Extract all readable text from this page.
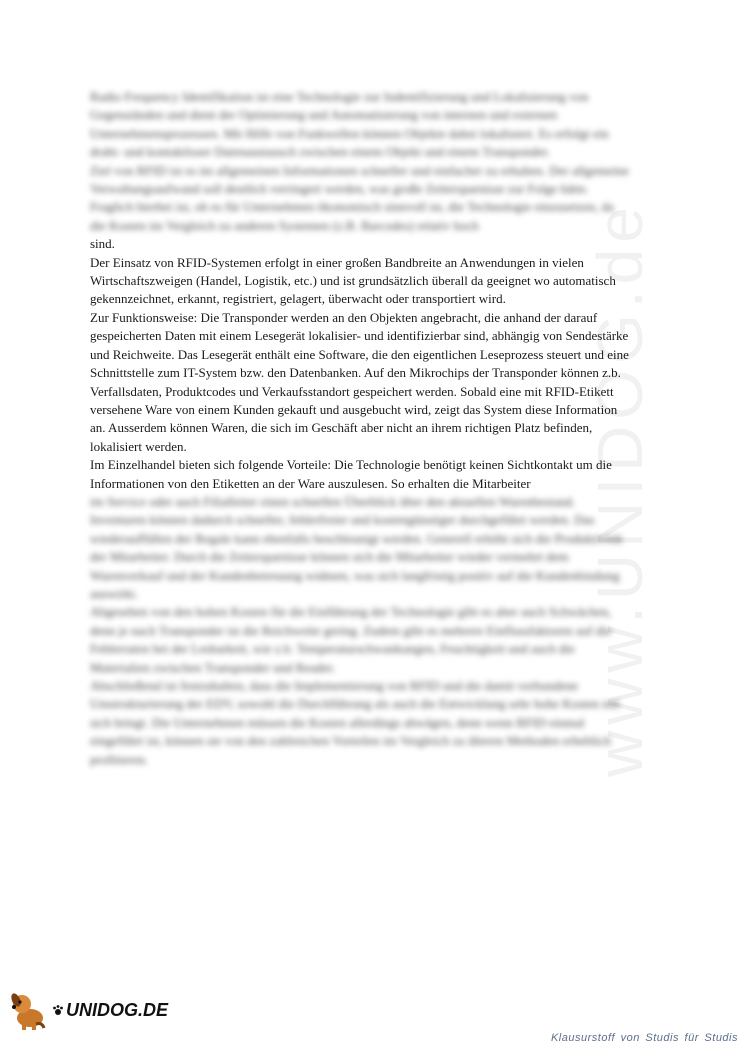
www.UNIDOG.de

Radio Frequency Identifikation ist eine Technologie zur Indentifizierung und Lokalisierung von Gegenständen und dient der Optimierung und Automatisierung von internen und externen Unternehmensprozessen. Mit Hilfe von Funkwellen können Objekte dabei lokalisiert. Es erfolgt ein draht- und kontaktloser Datenaustausch zwischen einem Objekt und einem Transponder.

Ziel von RFID ist es im allgemeinen Informationen schneller und einfacher zu erhalten. Der allgemeine Verwaltungsaufwand soll deutlich verringert werden, was große Zeitersparnisse zur Folge hätte.

Fraglich hierbei ist, ob es für Unternehmen ökonomisch sinnvoll ist, die Technologie einzusetzen, da die Kosten im Vergleich zu anderen Systemen (z.B. Barcodes) relativ hoch

sind.

Der Einsatz von RFID-Systemen erfolgt in einer großen Bandbreite an Anwendungen in vielen Wirtschaftszweigen (Handel, Logistik, etc.) und ist grundsätzlich überall da geeignet wo automatisch gekennzeichnet, erkannt, registriert, gelagert, überwacht oder transportiert wird.

Zur Funktionsweise: Die Transponder werden an den Objekten angebracht, die anhand der darauf gespeicherten Daten mit einem Lesegerät lokalisier- und identifizierbar sind, abhängig von Sendestärke und Reichweite. Das Lesegerät enthält eine Software, die den eigentlichen Leseprozess steuert und eine Schnittstelle zum IT-System bzw. den Datenbanken. Auf den Mikrochips der Transponder können z.b. Verfallsdaten, Produktcodes und Verkaufsstandort gespeichert werden. Sobald eine mit RFID-Etikett versehene Ware von einem Kunden gekauft und ausgebucht wird, zeigt das System diese Information an. Ausserdem können Waren, die sich im Geschäft aber nicht an ihrem richtigen Platz befinden, lokalisiert werden.

Im Einzelhandel bieten sich folgende Vorteile: Die Technologie benötigt keinen Sichtkontakt um die Informationen von den Etiketten an der Ware auszulesen. So erhalten die Mitarbeiter

im Service oder auch Filialleiter einen schnellen Überblick über den aktuellen Warenbestand. Inventuren können dadurch schneller, fehlerfreier und kostengünstiger durchgeführt werden. Das wiederauffüllen der Regale kann ebenfalls beschleunigt werden. Generell erhöht sich die Produktivität der Mitarbeiter. Durch die Zeitersparnisse können sich die Mitarbeiter wieder vermehrt dem Warenverkauf und der Kundenbetreuung widmen, was sich langfristig positiv auf die Kundenbindung auswirkt.

Abgesehen von den hohen Kosten für die Einführung der Technologie gibt es aber auch Schwächen, denn je nach Transponder ist die Reichweite gering. Zudem gibt es mehrere Einflussfaktoren auf die Fehlerraten bei der Lesbarkeit, wie z.b. Temperaturschwankungen, Feuchtigkeit und auch die Materialien zwischen Transponder und Reader.

Abschließend ist festzuhalten, dass die Implementierung von RFID und die damit verbundene Umstrukturierung der EDV, sowohl die Durchführung als auch die Entwicklung sehr hohe Kosten mit sich bringt. Die Unternehmen müssen die Kosten allerdings abwägen, denn wenn RFID einmal eingeführt ist, können sie von den zahlreichen Vorteilen im Vergleich zu älteren Methoden erheblich profitieren.

UNIDOG.DE
Klausurstoff von Studis für Studis
